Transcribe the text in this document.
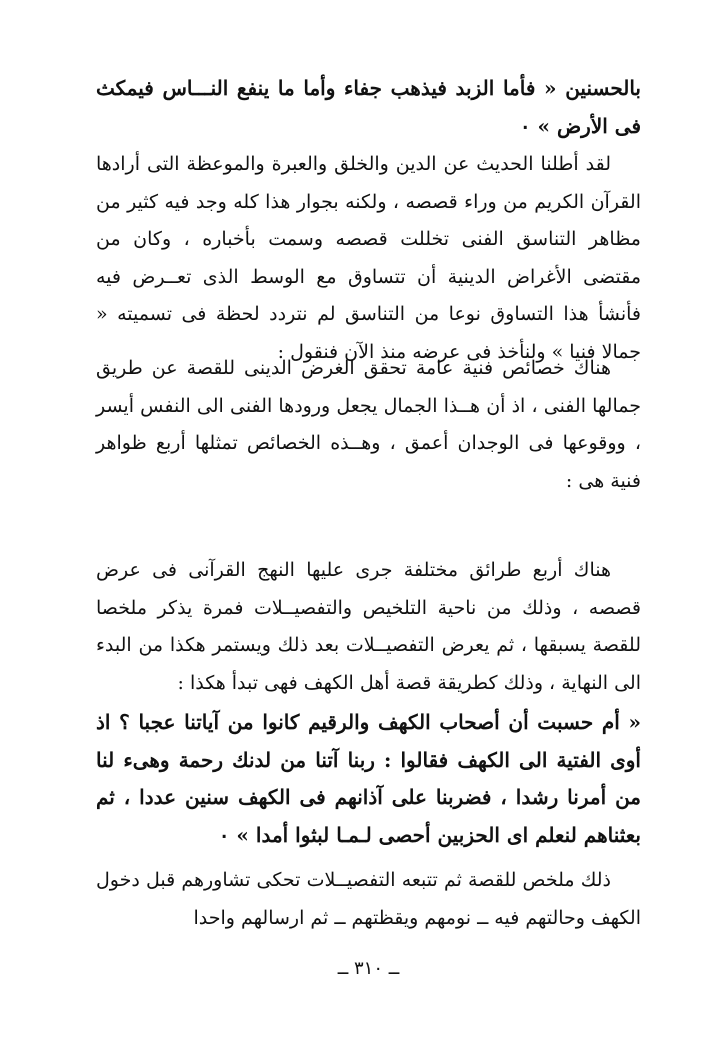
بالحسنين « فأما الزبد فيذهب جفاء وأما ما ينفع النـــاس فيمكث فى الأرض » ٠

لقد أطلنا الحديث عن الدين والخلق والعبرة والموعظة التى أرادها القرآن الكريم من وراء قصصه ، ولكنه بجوار هذا كله وجد فيه كثير من مظاهر التناسق الفنى تخللت قصصه وسمت بأخباره ، وكان من مقتضى الأغراض الدينية أن تتساوق مع الوسط الذى تعــرض فيه فأنشأ هذا التساوق نوعا من التناسق لم نتردد لحظة فى تسميته « جمالا فنيا » ولنأخذ فى عرضه منذ الآن فنقول :

هناك خصائص فنية عامة تحقق الغرض الدينى للقصة عن طريق جمالها الفنى ، اذ أن هــذا الجمال يجعل ورودها الفنى الى النفس أيسر ، ووقوعها فى الوجدان أعمق ، وهــذه الخصائص تمثلها أربع ظواهر فنية هى :

هناك أربع طرائق مختلفة جرى عليها النهج القرآنى فى عرض قصصه ، وذلك من ناحية التلخيص والتفصيــلات فمرة يذكر ملخصا للقصة يسبقها ، ثم يعرض التفصيــلات بعد ذلك ويستمر هكذا من البدء الى النهاية ، وذلك كطريقة قصة أهل الكهف فهى تبدأ هكذا :

« أم حسبت أن أصحاب الكهف والرقيم كانوا من آياتنا عجبا ؟ اذ أوى الفتية الى الكهف فقالوا : ربنا آتنا من لدنك رحمة وهىء لنا من أمرنا رشدا ، فضربنا على آذانهم فى الكهف سنين عددا ، ثم بعثناهم لنعلم اى الحزبين أحصى لـمـا لبثوا أمدا » ٠

ذلك ملخص للقصة ثم تتبعه التفصيــلات تحكى تشاورهم قبل دخول الكهف وحالتهم فيه ــ نومهم ويقظتهم ــ ثم ارسالهم واحدا

ــ ٣١٠ ــ
